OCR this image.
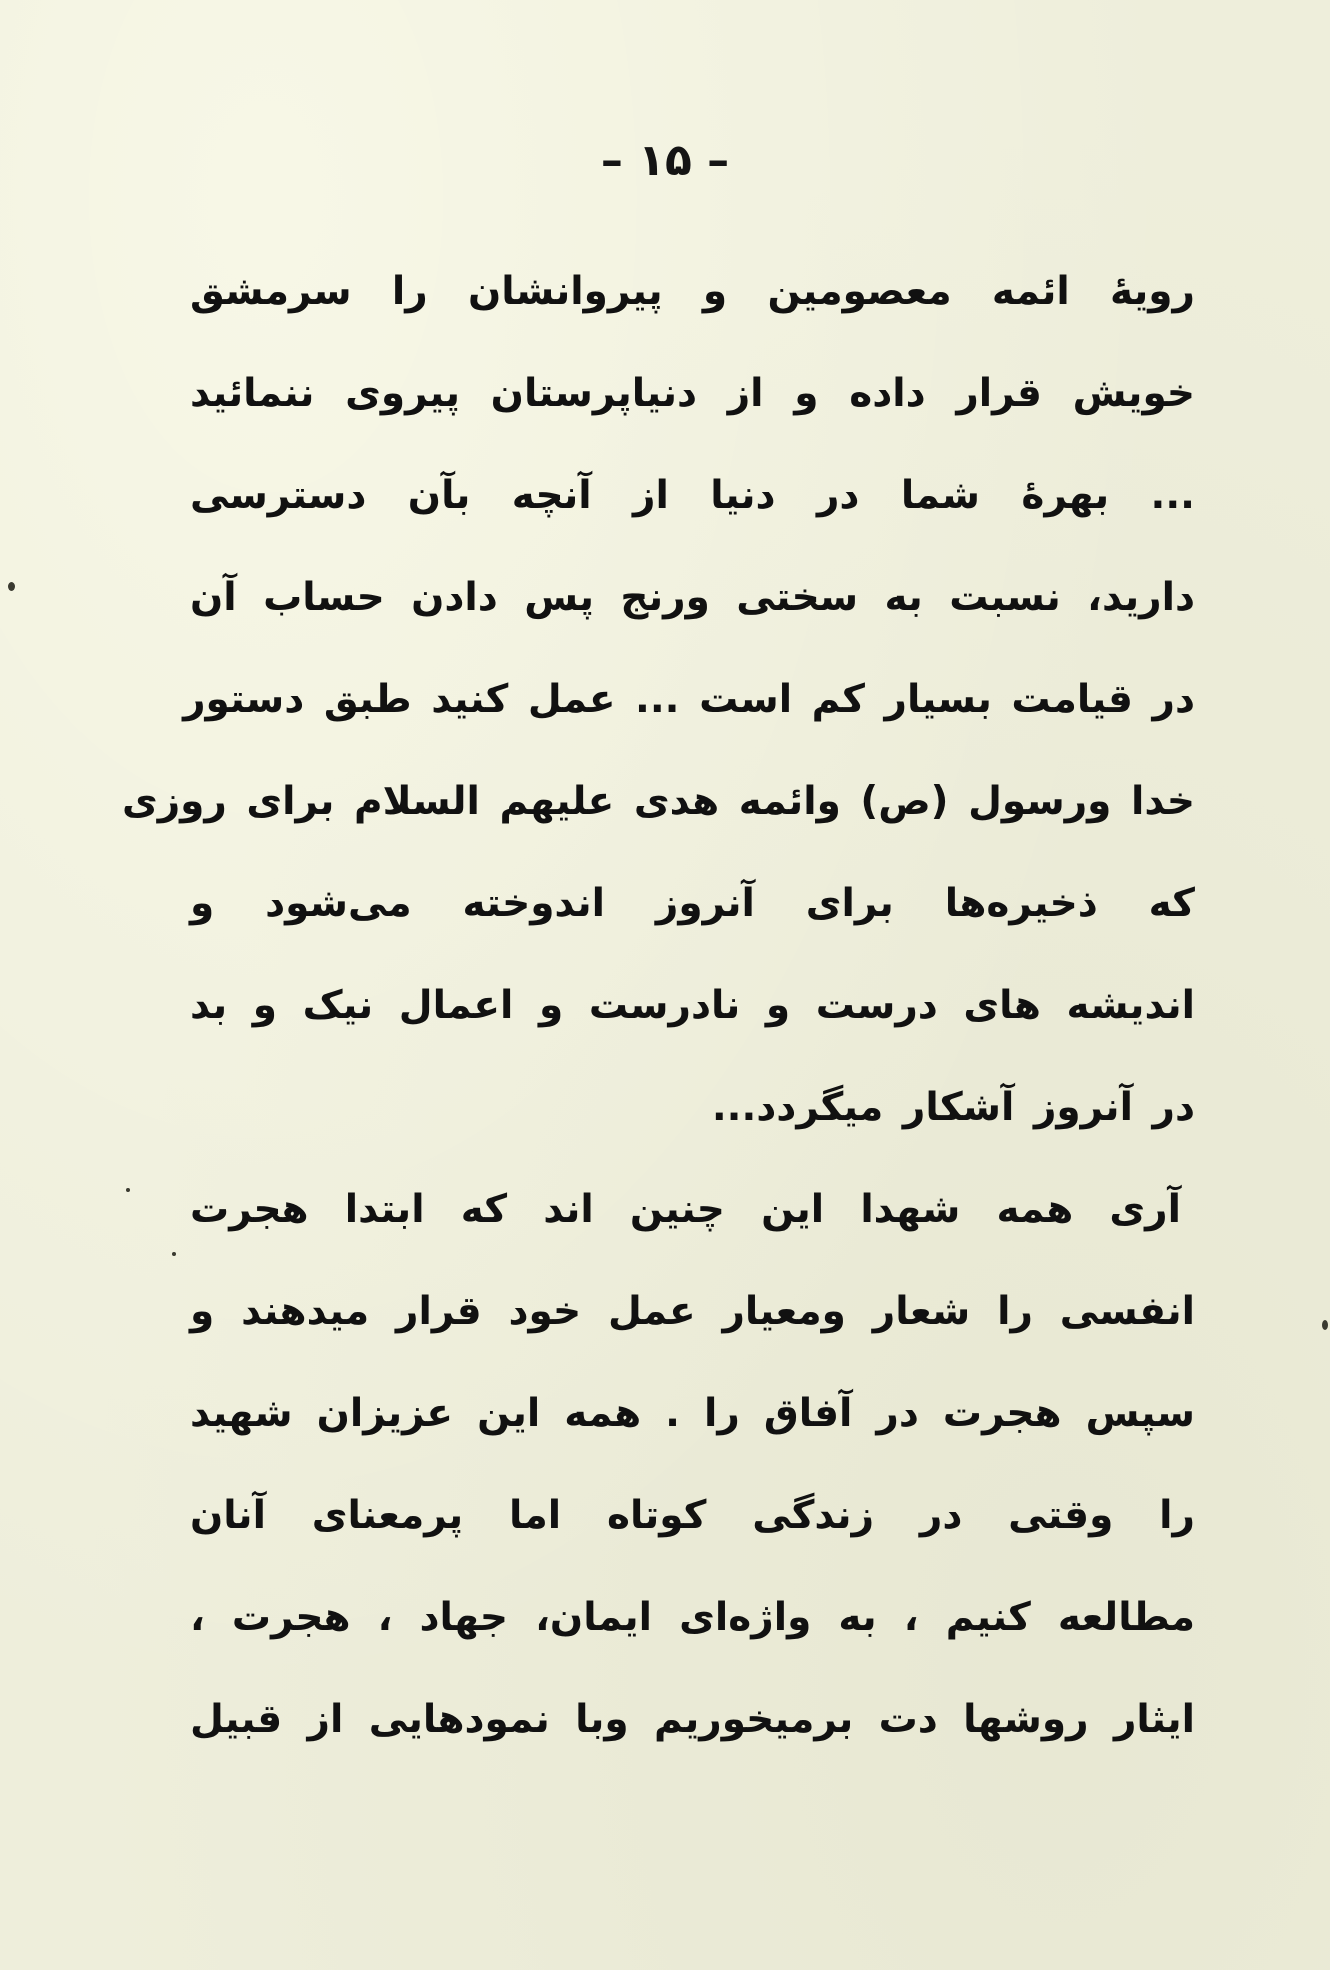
– ۱۵ –
رویهٔ ائمه معصومین و پیروانشان را سرمشق
خویش قرار داده و از دنیاپرستان پیروی ننمائید
... بهرهٔ شما در دنیا از آنچه بآن دسترسی
دارید، نسبت به سختی ورنج پس دادن حساب آن
در قیامت بسیار کم است ... عمل کنید طبق دستور
خدا ورسول (ص) وائمه هدی علیهم السلام برای روزی
که ذخیره‌ها برای آنروز اندوخته می‌شود و
اندیشه های درست و نادرست و اعمال نیک و بد
در آنروز آشکار میگردد...
آری همه شهدا این چنین اند که ابتدا هجرت
انفسی را شعار ومعیار عمل خود قرار میدهند و
سپس هجرت در آفاق را . همه این عزیزان شهید
را وقتی در زندگی کوتاه اما پرمعنای آنان
مطالعه کنیم ، به واژه‌ای ایمان، جهاد ، هجرت ،
ایثار روشها دت برمیخوریم وبا نمودهایی از قبیل
